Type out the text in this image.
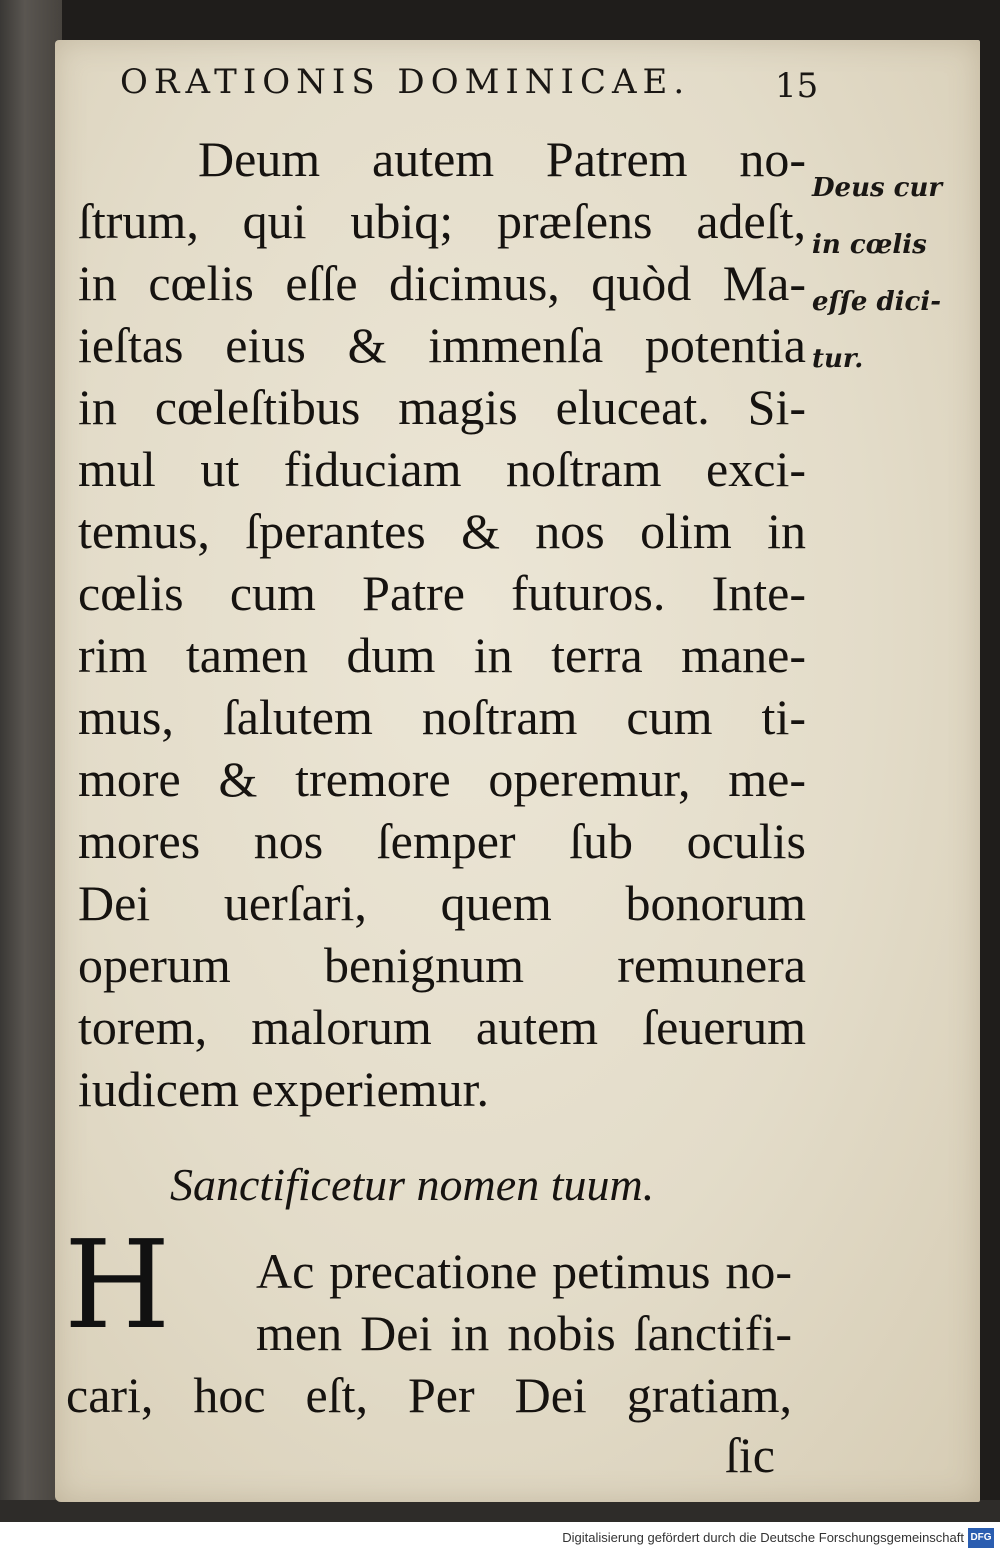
ORATIONIS DOMINICAE.	15
Deum autem Patrem no-
ſtrum, qui ubiq; præſens adeſt,
in cœlis eſſe dicimus, quòd Ma-
ieſtas eius & immenſa potentia
in cœleſtibus magis eluceat. Si-
mul ut fiduciam noſtram exci-
temus, ſperantes & nos olim in
cœlis cum Patre futuros. Inte-
rim tamen dum in terra mane-
mus, ſalutem noſtram cum ti-
more & tremore operemur, me-
mores nos ſemper ſub oculis
Dei uerſari, quem bonorum
operum benignum remunera
torem, malorum autem ſeuerum
iudicem experiemur.
Deus cur
in cœlis
eſſe dici-
tur.
Sanctificetur nomen tuum.
H	Ac precatione petimus no-
men Dei in nobis ſanctifi-
cari, hoc eſt, Per Dei gratiam,
ſic
Digitalisierung gefördert durch die Deutsche Forschungsgemeinschaft DFG
